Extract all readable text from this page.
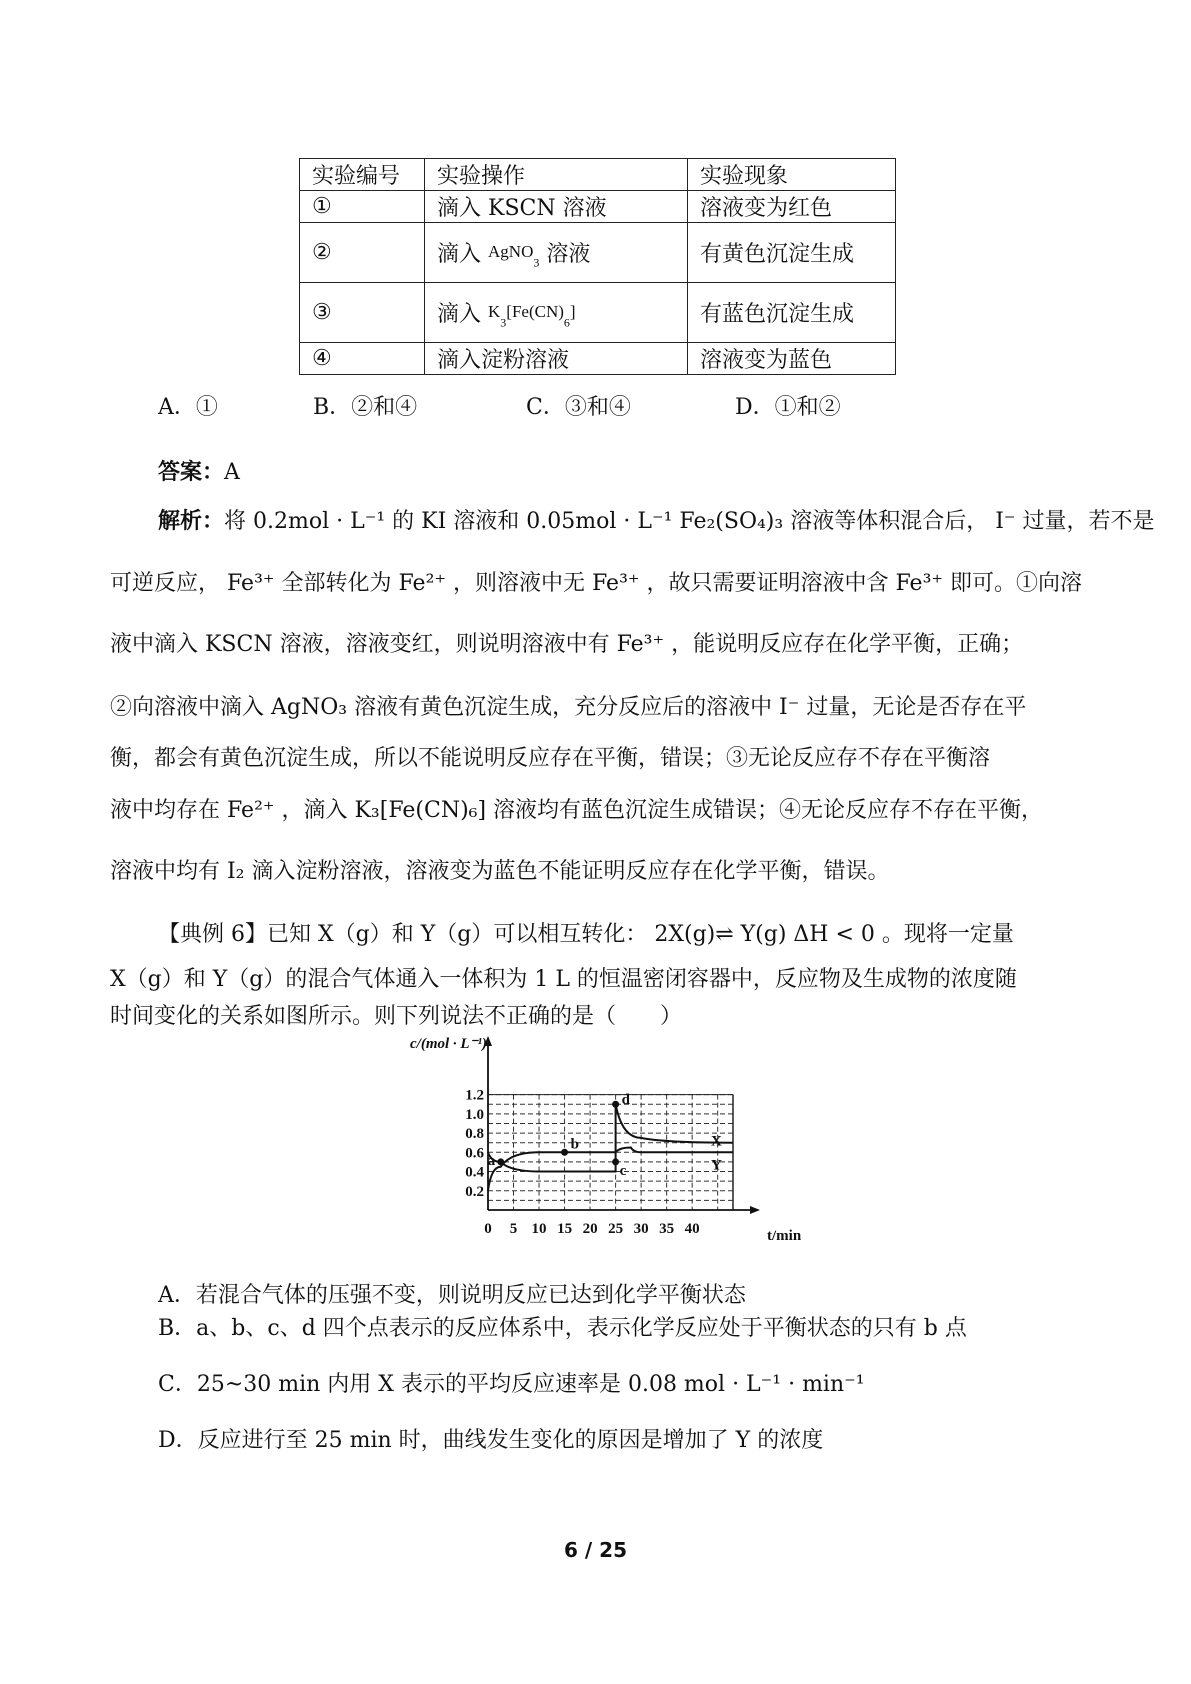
实验编号	实验操作	实验现象
①	滴入 KSCN 溶液	溶液变为红色
②	滴入 AgNO$_3$ 溶液	有黄色沉淀生成
③	滴入 $K_3[Fe(CN)_6]$	有蓝色沉淀生成
④	滴入淀粉溶液	溶液变为蓝色
A．①	B．②和④	C．③和④	D．①和②
答案：A
解析：将 0.2mol · L⁻¹ 的 KI 溶液和 0.05mol · L⁻¹ Fe₂(SO₄)₃ 溶液等体积混合后， I⁻ 过量，若不是
可逆反应， Fe³⁺ 全部转化为 Fe²⁺ ，则溶液中无 Fe³⁺ ，故只需要证明溶液中含 Fe³⁺ 即可。①向溶
液中滴入 KSCN 溶液，溶液变红，则说明溶液中有 Fe³⁺ ，能说明反应存在化学平衡，正确；
②向溶液中滴入 AgNO₃ 溶液有黄色沉淀生成，充分反应后的溶液中 I⁻ 过量，无论是否存在平
衡，都会有黄色沉淀生成，所以不能说明反应存在平衡，错误；③无论反应存不存在平衡溶
液中均存在 Fe²⁺ ，滴入 K₃[Fe(CN)₆] 溶液均有蓝色沉淀生成错误；④无论反应存不存在平衡，
溶液中均有 I₂ 滴入淀粉溶液，溶液变为蓝色不能证明反应存在化学平衡，错误。
【典例 6】已知 X（g）和 Y（g）可以相互转化： 2X(g)⇌ Y(g) ΔH < 0 。现将一定量
X（g）和 Y（g）的混合气体通入一体积为 1 L 的恒温密闭容器中，反应物及生成物的浓度随
时间变化的关系如图所示。则下列说法不正确的是（　　）
X
Y
0 5 10 15 20 25 30 35 40
0.2
0.4
0.6
0.8
1.0
1.2
a
b
c
d
c/(mol · L⁻¹)
t/min
A．若混合气体的压强不变，则说明反应已达到化学平衡状态
B．a、b、c、d 四个点表示的反应体系中，表示化学反应处于平衡状态的只有 b 点
C．25~30 min 内用 X 表示的平均反应速率是 0.08 mol · L⁻¹ · min⁻¹
D．反应进行至 25 min 时，曲线发生变化的原因是增加了 Y 的浓度
6 / 25
